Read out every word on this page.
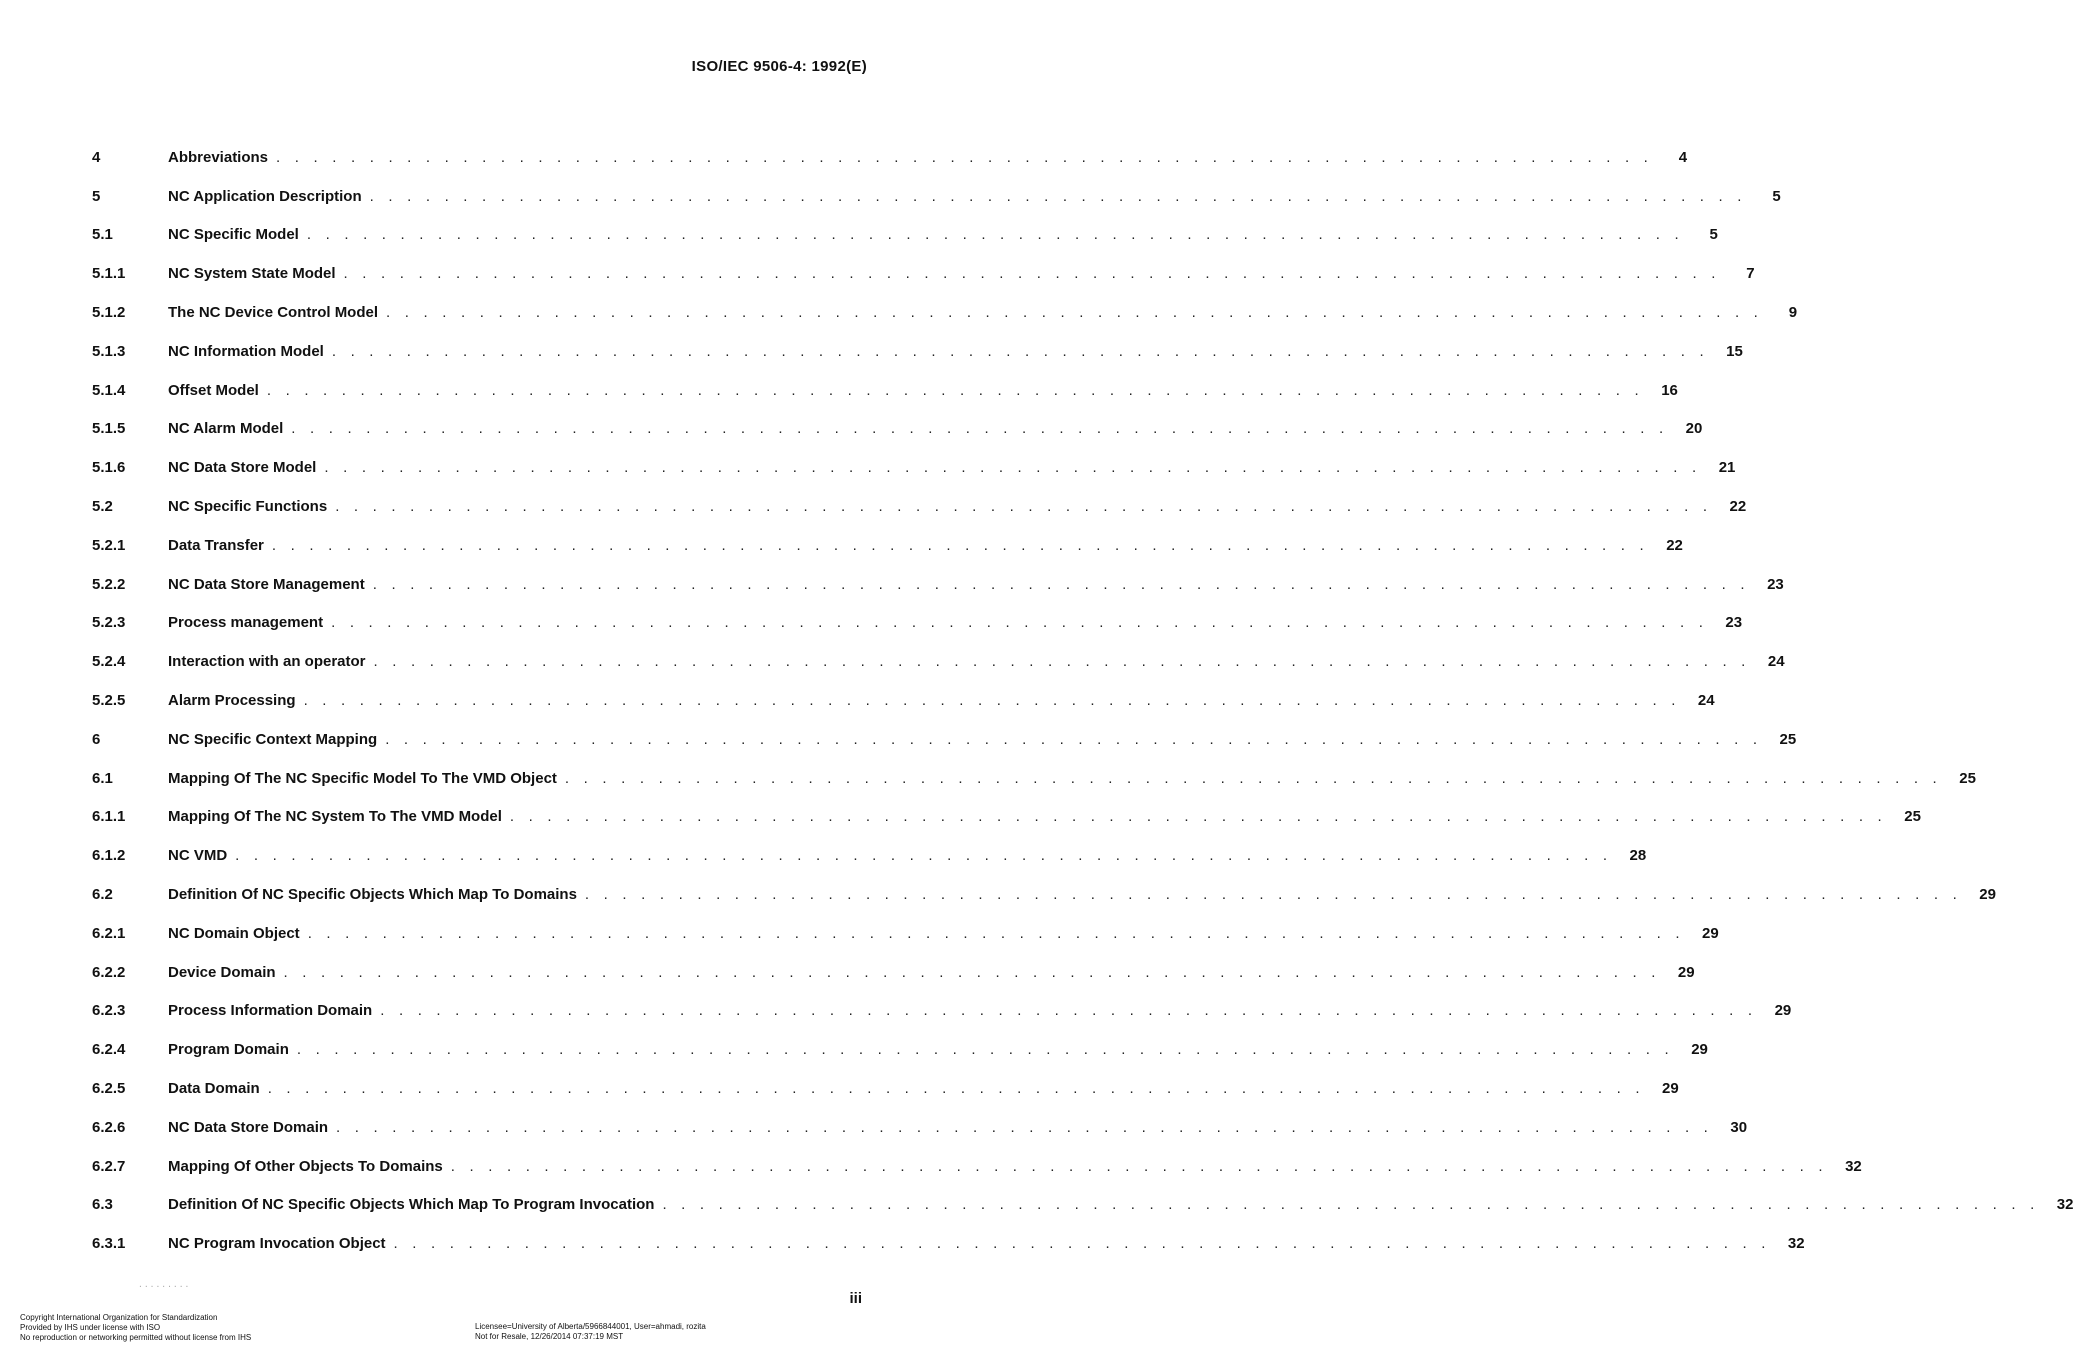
ISO/IEC 9506-4: 1992(E)
4	Abbreviations . . . . . . . . . . . . . . . . . . . . . . . . . . . . . . . . . . . . . . . . . . . . . . . . . . . . . . . . . . . . . . . . . . . . . . . . . .	4
5	NC Application Description . . . . . . . . . . . . . . . . . . . . . . . . . . . . . . . . . . . . . . . . . . . . . . . . . . . . . . . . . . . . . . . . . . . . . . . . . .	5
5.1	NC Specific Model . . . . . . . . . . . . . . . . . . . . . . . . . . . . . . . . . . . . . . . . . . . . . . . . . . . . . . . . . . . . . . . . . . . . . . . . . .	5
5.1.1	NC System State Model . . . . . . . . . . . . . . . . . . . . . . . . . . . . . . . . . . . . . . . . . . . . . . . . . . . . . . . . . . . . . . . . . . . . . . . . . .	7
5.1.2	The NC Device Control Model . . . . . . . . . . . . . . . . . . . . . . . . . . . . . . . . . . . . . . . . . . . . . . . . . . . . . . . . . . . . . . . . . . . . . . . . . .	9
5.1.3	NC Information Model . . . . . . . . . . . . . . . . . . . . . . . . . . . . . . . . . . . . . . . . . . . . . . . . . . . . . . . . . . . . . . . . . . . . . . . . . .	15
5.1.4	Offset Model . . . . . . . . . . . . . . . . . . . . . . . . . . . . . . . . . . . . . . . . . . . . . . . . . . . . . . . . . . . . . . . . . . . . . . . . . .	16
5.1.5	NC Alarm Model . . . . . . . . . . . . . . . . . . . . . . . . . . . . . . . . . . . . . . . . . . . . . . . . . . . . . . . . . . . . . . . . . . . . . . . . . .	20
5.1.6	NC Data Store Model . . . . . . . . . . . . . . . . . . . . . . . . . . . . . . . . . . . . . . . . . . . . . . . . . . . . . . . . . . . . . . . . . . . . . . . . . .	21
5.2	NC Specific Functions . . . . . . . . . . . . . . . . . . . . . . . . . . . . . . . . . . . . . . . . . . . . . . . . . . . . . . . . . . . . . . . . . . . . . . . . . .	22
5.2.1	Data Transfer . . . . . . . . . . . . . . . . . . . . . . . . . . . . . . . . . . . . . . . . . . . . . . . . . . . . . . . . . . . . . . . . . . . . . . . . . .	22
5.2.2	NC Data Store Management . . . . . . . . . . . . . . . . . . . . . . . . . . . . . . . . . . . . . . . . . . . . . . . . . . . . . . . . . . . . . . . . . . . . . . . . . .	23
5.2.3	Process management . . . . . . . . . . . . . . . . . . . . . . . . . . . . . . . . . . . . . . . . . . . . . . . . . . . . . . . . . . . . . . . . . . . . . . . . . .	23
5.2.4	Interaction with an operator . . . . . . . . . . . . . . . . . . . . . . . . . . . . . . . . . . . . . . . . . . . . . . . . . . . . . . . . . . . . . . . . . . . . . . . . . .	24
5.2.5	Alarm Processing . . . . . . . . . . . . . . . . . . . . . . . . . . . . . . . . . . . . . . . . . . . . . . . . . . . . . . . . . . . . . . . . . . . . . . . . . .	24
6	NC Specific Context Mapping . . . . . . . . . . . . . . . . . . . . . . . . . . . . . . . . . . . . . . . . . . . . . . . . . . . . . . . . . . . . . . . . . . . . . . . . . .	25
6.1	Mapping Of The NC Specific Model To The VMD Object . . . . . . . . . . . . . . . . . . . . . . . . . . . . . . . . . . . . . . . . . . . . . . . . . . . . . . . . . . . . . . . . . . . . . . . . . .	25
6.1.1	Mapping Of The NC System To The VMD Model . . . . . . . . . . . . . . . . . . . . . . . . . . . . . . . . . . . . . . . . . . . . . . . . . . . . . . . . . . . . . . . . . . . . . . . . . .	25
6.1.2	NC VMD . . . . . . . . . . . . . . . . . . . . . . . . . . . . . . . . . . . . . . . . . . . . . . . . . . . . . . . . . . . . . . . . . . . . . . . . . .	28
6.2	Definition Of NC Specific Objects Which Map To Domains . . . . . . . . . . . . . . . . . . . . . . . . . . . . . . . . . . . . . . . . . . . . . . . . . . . . . . . . . . . . . . . . . . . . . . . . . .	29
6.2.1	NC Domain Object . . . . . . . . . . . . . . . . . . . . . . . . . . . . . . . . . . . . . . . . . . . . . . . . . . . . . . . . . . . . . . . . . . . . . . . . . .	29
6.2.2	Device Domain . . . . . . . . . . . . . . . . . . . . . . . . . . . . . . . . . . . . . . . . . . . . . . . . . . . . . . . . . . . . . . . . . . . . . . . . . .	29
6.2.3	Process Information Domain . . . . . . . . . . . . . . . . . . . . . . . . . . . . . . . . . . . . . . . . . . . . . . . . . . . . . . . . . . . . . . . . . . . . . . . . . .	29
6.2.4	Program Domain . . . . . . . . . . . . . . . . . . . . . . . . . . . . . . . . . . . . . . . . . . . . . . . . . . . . . . . . . . . . . . . . . . . . . . . . . .	29
6.2.5	Data Domain . . . . . . . . . . . . . . . . . . . . . . . . . . . . . . . . . . . . . . . . . . . . . . . . . . . . . . . . . . . . . . . . . . . . . . . . . .	29
6.2.6	NC Data Store Domain . . . . . . . . . . . . . . . . . . . . . . . . . . . . . . . . . . . . . . . . . . . . . . . . . . . . . . . . . . . . . . . . . . . . . . . . . .	30
6.2.7	Mapping Of Other Objects To Domains . . . . . . . . . . . . . . . . . . . . . . . . . . . . . . . . . . . . . . . . . . . . . . . . . . . . . . . . . . . . . . . . . . . . . . . . . .	32
6.3	Definition Of NC Specific Objects Which Map To Program Invocation . . . . . . . . . . . . . . . . . . . . . . . . . . . . . . . . . . . . . . . . . . . . . . . . . . . . . . . . . . . . . . . . . . . . . . . . . .	32
6.3.1	NC Program Invocation Object . . . . . . . . . . . . . . . . . . . . . . . . . . . . . . . . . . . . . . . . . . . . . . . . . . . . . . . . . . . . . . . . . . . . . . . . . .	32
·········
iii
Copyright International Organization for Standardization
Provided by IHS under license with ISO
No reproduction or networking permitted without license from IHS
Licensee=University of Alberta/5966844001, User=ahmadi, rozita
Not for Resale, 12/26/2014 07:37:19 MST
